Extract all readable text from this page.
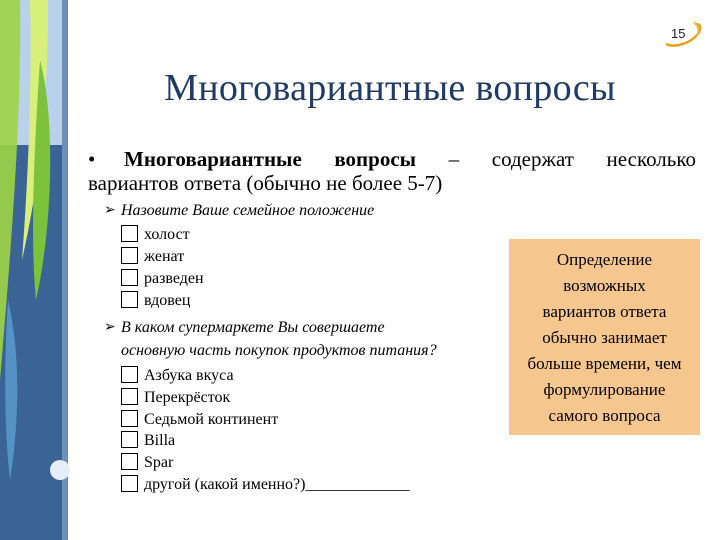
15
Многовариантные вопросы
• Многовариантные вопросы – содержат несколько
вариантов ответа (обычно не более 5-7)
➢ Назовите Ваше семейное положение
холост
женат
разведен
вдовец
➢ В каком супермаркете Вы совершаете
основную часть покупок продуктов питания?
Азбука вкуса
Перекрёсток
Седьмой континент
Billa
Spar
другой (какой именно?)_____________
Определение
возможных
вариантов ответа
обычно занимает
больше времени, чем
формулирование
самого вопроса
